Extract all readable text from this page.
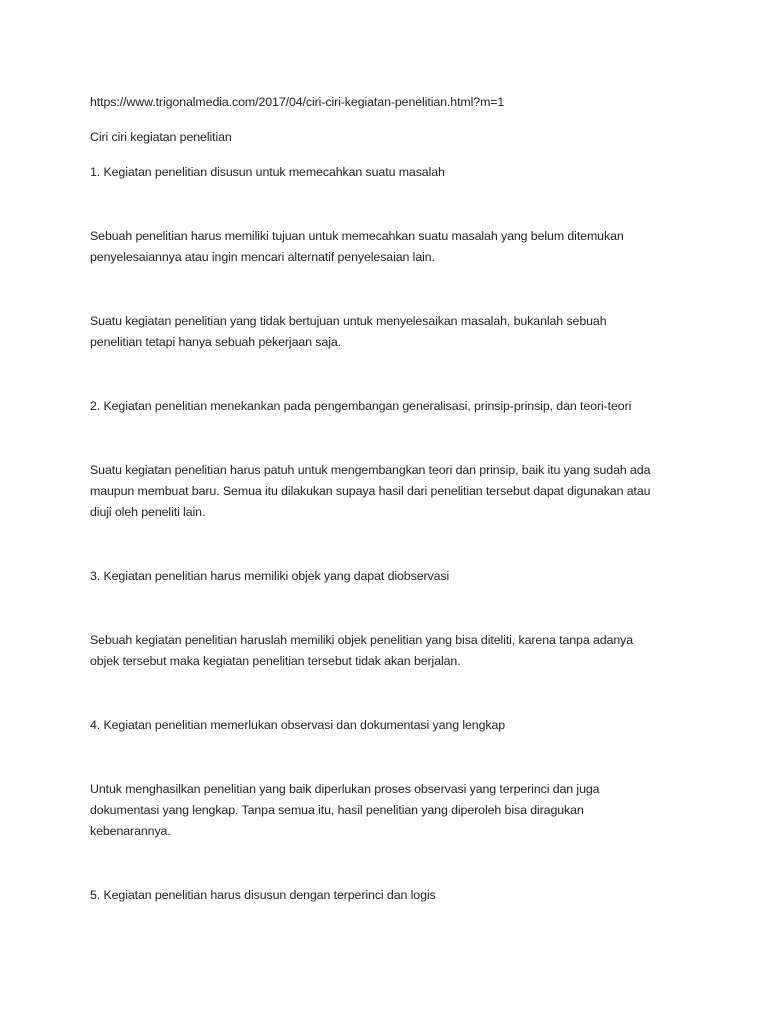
https://www.trigonalmedia.com/2017/04/ciri-ciri-kegiatan-penelitian.html?m=1

Ciri ciri kegiatan penelitian

1. Kegiatan penelitian disusun untuk memecahkan suatu masalah

Sebuah penelitian harus memiliki tujuan untuk memecahkan suatu masalah yang belum ditemukan
penyelesaiannya atau ingin mencari alternatif penyelesaian lain.

Suatu kegiatan penelitian yang tidak bertujuan untuk menyelesaikan masalah, bukanlah sebuah
penelitian tetapi hanya sebuah pekerjaan saja.

2. Kegiatan penelitian menekankan pada pengembangan generalisasi, prinsip-prinsip, dan teori-teori

Suatu kegiatan penelitian harus patuh untuk mengembangkan teori dan prinsip, baik itu yang sudah ada
maupun membuat baru. Semua itu dilakukan supaya hasil dari penelitian tersebut dapat digunakan atau
diuji oleh peneliti lain.

3. Kegiatan penelitian harus memiliki objek yang dapat diobservasi

Sebuah kegiatan penelitian haruslah memiliki objek penelitian yang bisa diteliti, karena tanpa adanya
objek tersebut maka kegiatan penelitian tersebut tidak akan berjalan.

4. Kegiatan penelitian memerlukan observasi dan dokumentasi yang lengkap

Untuk menghasilkan penelitian yang baik diperlukan proses observasi yang terperinci dan juga
dokumentasi yang lengkap. Tanpa semua itu, hasil penelitian yang diperoleh bisa diragukan
kebenarannya.

5. Kegiatan penelitian harus disusun dengan terperinci dan logis
